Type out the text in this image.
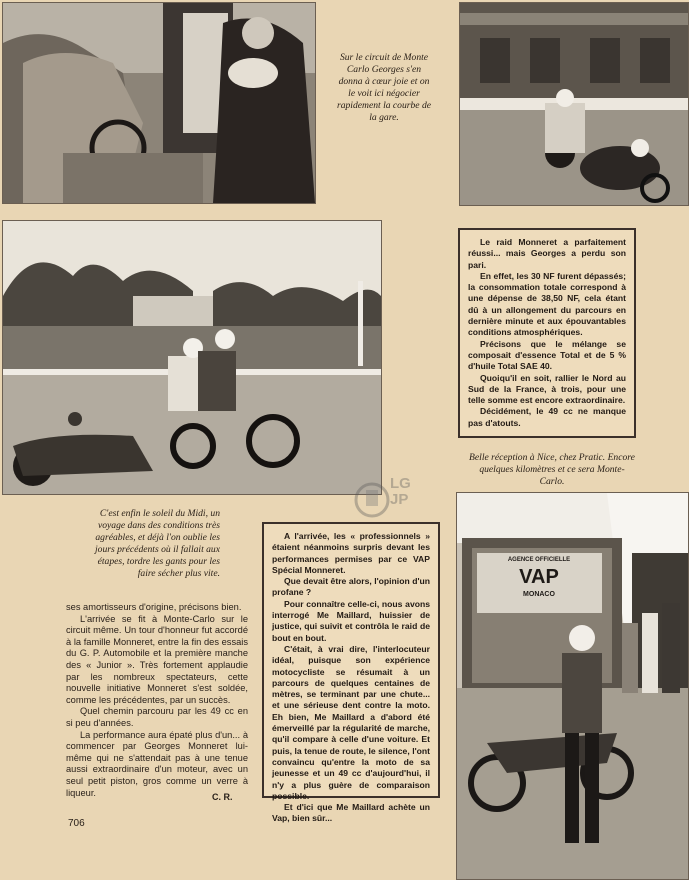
Sur le circuit de Monte Carlo Georges s'en donna à cœur joie et on le voit ici négocier rapidement la courbe de la gare.

Le raid Monneret a parfaitement réussi... mais Georges a perdu son pari.

En effet, les 30 NF furent dépassés; la consommation totale correspond à une dépense de 38,50 NF, cela étant dû à un allongement du parcours en dernière minute et aux épouvantables conditions atmosphériques.

Précisons que le mélange se composait d'essence Total et de 5 % d'huile Total SAE 40.

Quoiqu'il en soit, rallier le Nord au Sud de la France, à trois, pour une telle somme est encore extraordinaire.

Décidément, le 49 cc ne manque pas d'atouts.

Belle réception à Nice, chez Pratic. Encore quelques kilomètres et ce sera Monte-Carlo.
LG JP
C'est enfin le soleil du Midi, un voyage dans des conditions très agréables, et déjà l'on oublie les jours précédents où il fallait aux étapes, tordre les gants pour les faire sécher plus vite.

A l'arrivée, les « professionnels » étaient néanmoins surpris devant les performances permises par ce VAP Spécial Monneret.

Que devait être alors, l'opinion d'un profane ?

Pour connaître celle-ci, nous avons interrogé Me Maillard, huissier de justice, qui suivit et contrôla le raid de bout en bout.

C'était, à vrai dire, l'interlocuteur idéal, puisque son expérience motocycliste se résumait à un parcours de quelques centaines de mètres, se terminant par une chute... et une sérieuse dent contre la moto. Eh bien, Me Maillard a d'abord été émerveillé par la régularité de marche, qu'il compare à celle d'une voiture. Et puis, la tenue de route, le silence, l'ont convaincu qu'entre la moto de sa jeunesse et un 49 cc d'aujourd'hui, il n'y a plus guère de comparaison possible.

Et d'ici que Me Maillard achète un Vap, bien sûr...

ses amortisseurs d'origine, précisons bien.

L'arrivée se fit à Monte-Carlo sur le circuit même. Un tour d'honneur fut accordé à la famille Monneret, entre la fin des essais du G. P. Automobile et la première manche des « Junior ». Très fortement applaudie par les nombreux spectateurs, cette nouvelle initiative Monneret s'est soldée, comme les précédentes, par un succès.

Quel chemin parcouru par les 49 cc en si peu d'années.

La performance aura épaté plus d'un... à commencer par Georges Monneret lui-même qui ne s'attendait pas à une tenue aussi extraordinaire d'un moteur, avec un seul petit piston, gros comme un verre à liqueur.	C. R.
706
AGENCE OFFICIELLE
VAP
MONACO
